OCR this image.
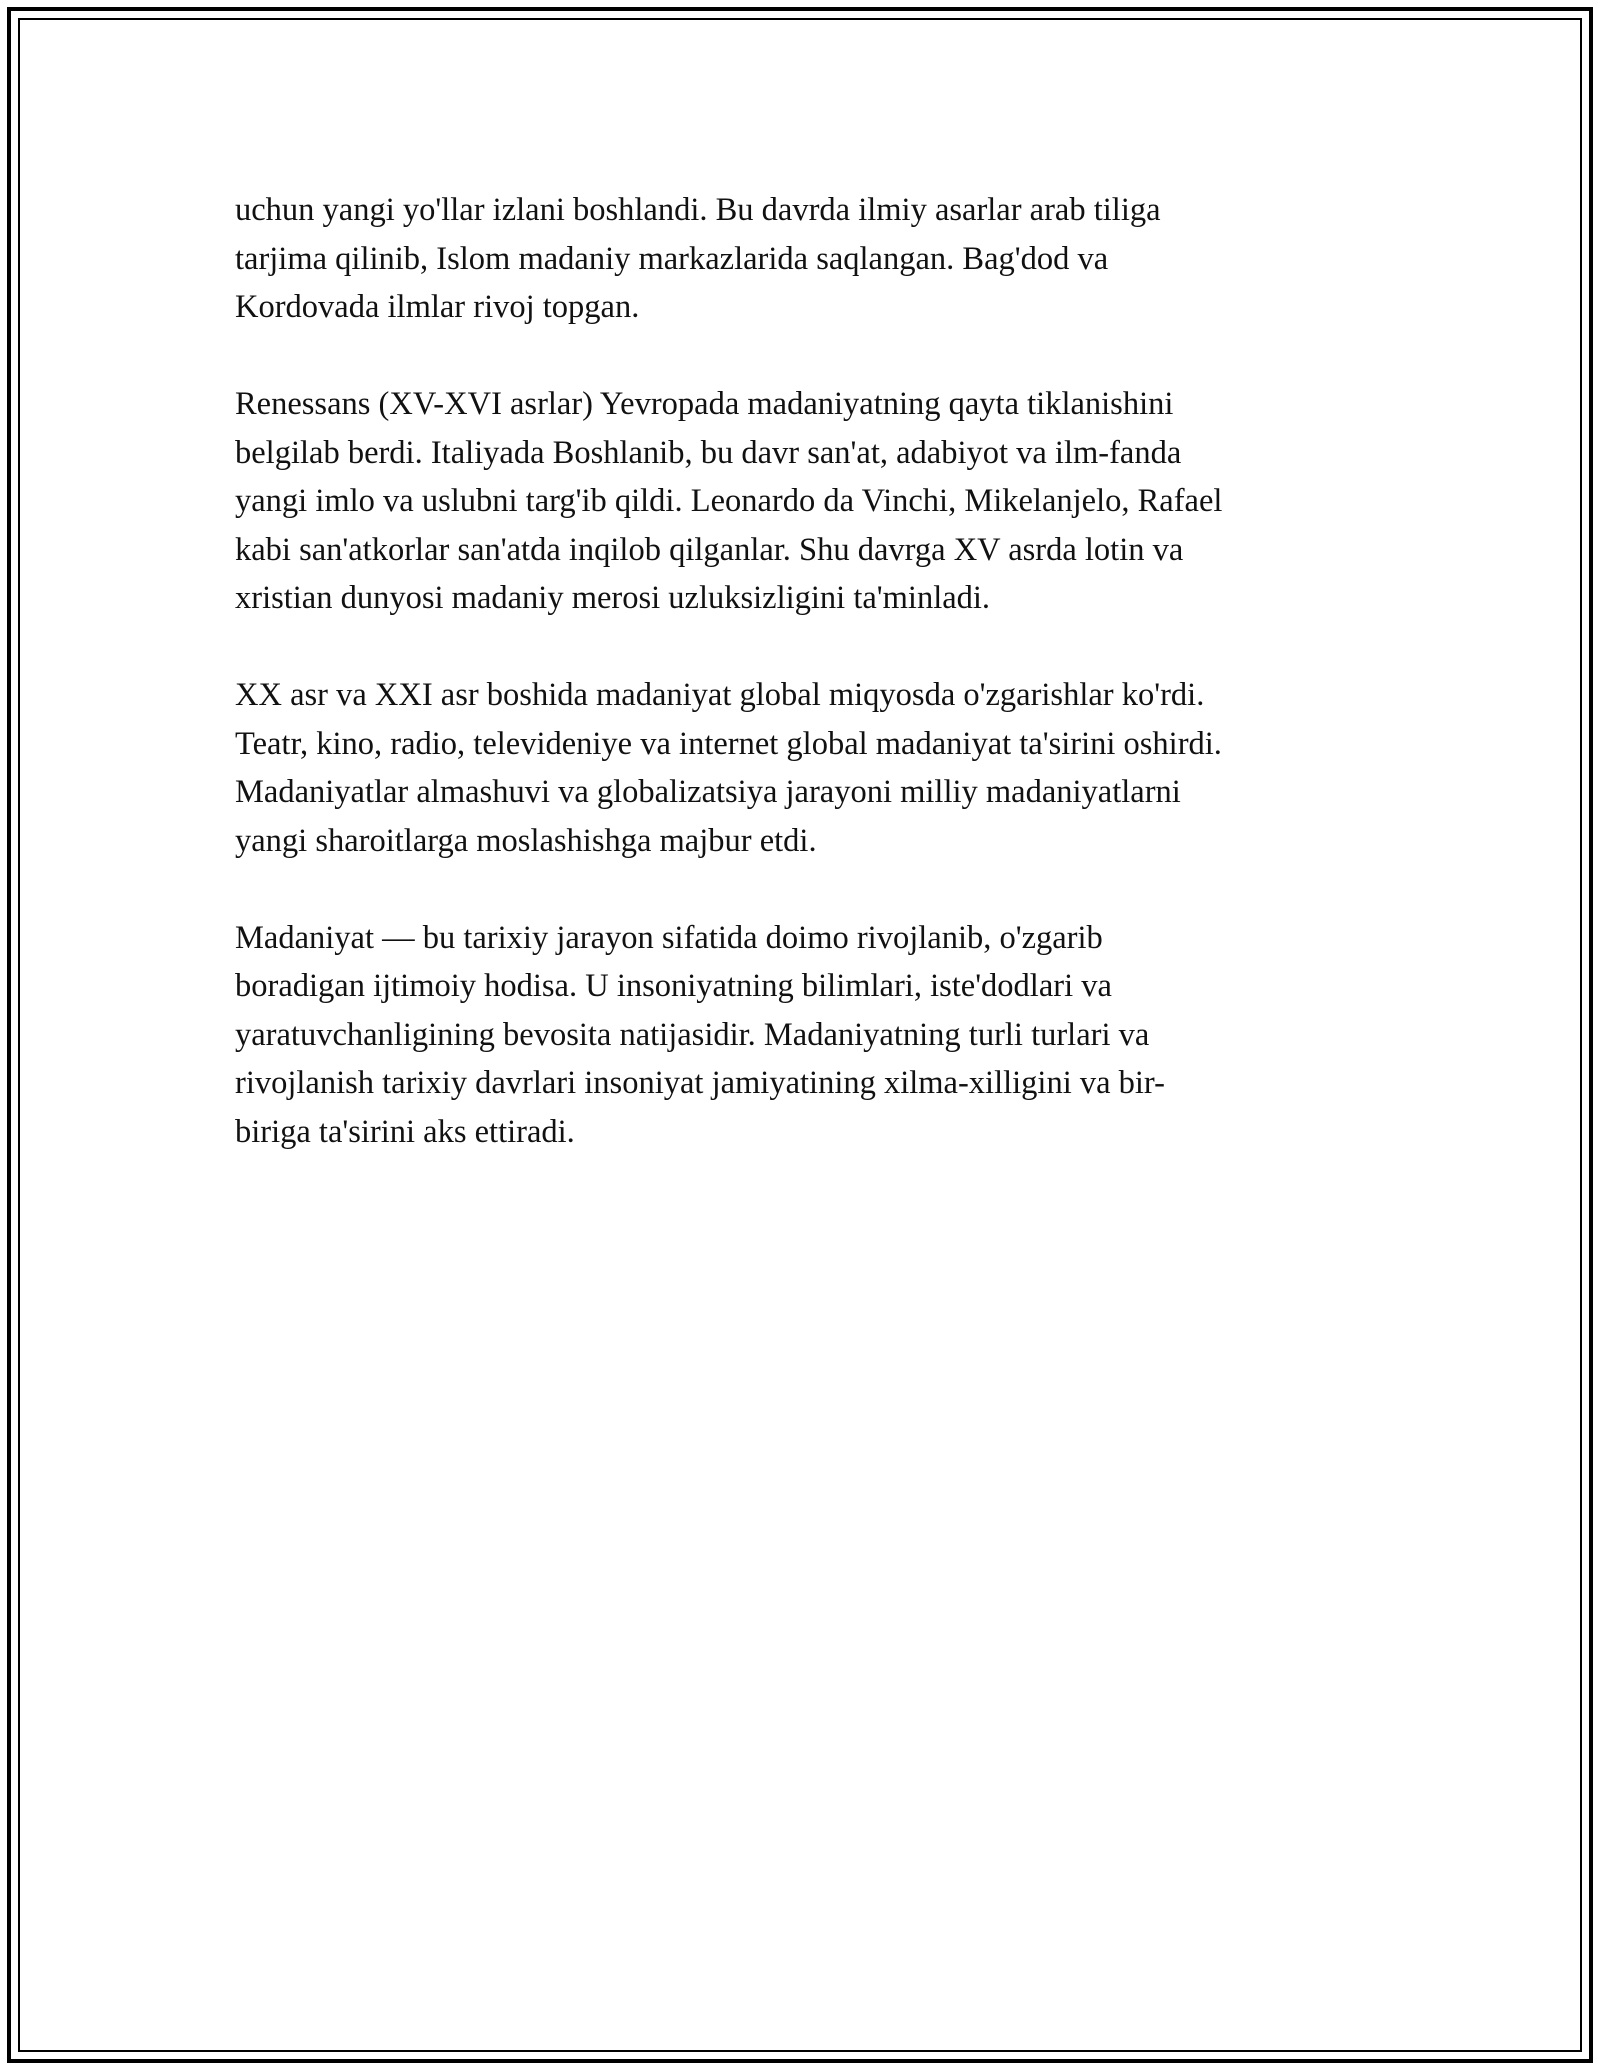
uchun yangi yo'llar izlani boshlandi. Bu davrda ilmiy asarlar arab tiliga
tarjima qilinib, Islom madaniy markazlarida saqlangan. Bag'dod va
Kordovada ilmlar rivoj topgan.

Renessans (XV-XVI asrlar) Yevropada madaniyatning qayta tiklanishini
belgilab berdi. Italiyada Boshlanib, bu davr san'at, adabiyot va ilm-fanda
yangi imlo va uslubni targ'ib qildi. Leonardo da Vinchi, Mikelanjelo, Rafael
kabi san'atkorlar san'atda inqilob qilganlar. Shu davrga XV asrda lotin va
xristian dunyosi madaniy merosi uzluksizligini ta'minladi.

XX asr va XXI asr boshida madaniyat global miqyosda o'zgarishlar ko'rdi.
Teatr, kino, radio, televideniye va internet global madaniyat ta'sirini oshirdi.
Madaniyatlar almashuvi va globalizatsiya jarayoni milliy madaniyatlarni
yangi sharoitlarga moslashishga majbur etdi.

Madaniyat — bu tarixiy jarayon sifatida doimo rivojlanib, o'zgarib
boradigan ijtimoiy hodisa. U insoniyatning bilimlari, iste'dodlari va
yaratuvchanligining bevosita natijasidir. Madaniyatning turli turlari va
rivojlanish tarixiy davrlari insoniyat jamiyatining xilma-xilligini va bir-
biriga ta'sirini aks ettiradi.
